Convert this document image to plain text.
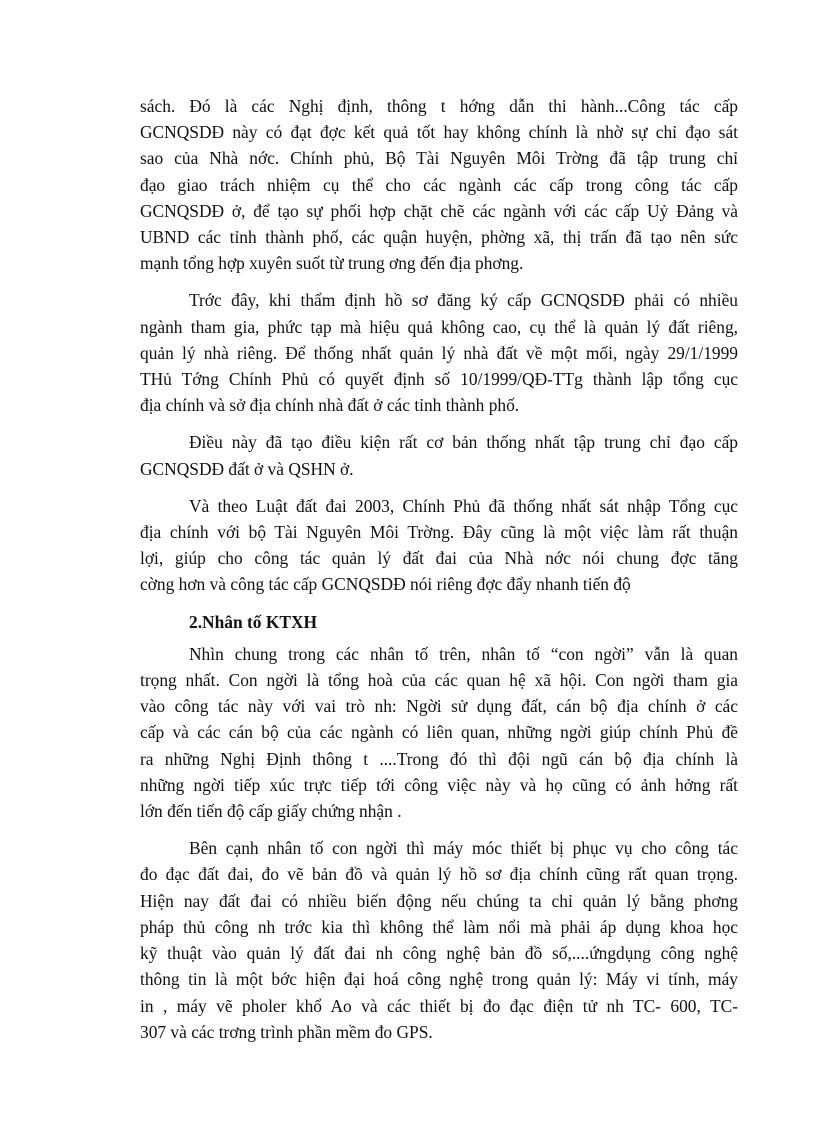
sách. Đó là các Nghị định, thông t hớng dẫn thi hành...Công tác cấp
GCNQSDĐ này có đạt đợc kết quả tốt hay không chính là nhờ sự chỉ đạo sát
sao của Nhà nớc. Chính phủ, Bộ Tài Nguyên Môi Trờng đã tập trung chỉ
đạo giao trách nhiệm cụ thể cho các ngành các cấp trong công tác cấp
GCNQSDĐ ở, để tạo sự phối hợp chặt chẽ các ngành với các cấp Uỷ Đảng và
UBND các tỉnh thành phố, các quận huyện, phờng xã, thị trấn đã tạo nên sức
mạnh tổng hợp xuyên suốt từ trung ơng đến địa phơng.
Trớc đây, khi thẩm định hồ sơ đăng ký cấp GCNQSDĐ phải có nhiều
ngành tham gia, phức tạp mà hiệu quả không cao, cụ thể là quản lý đất riêng,
quản lý nhà riêng. Để thống nhất quản lý nhà đất về một mối, ngày 29/1/1999
THủ Tớng Chính Phủ có quyết định số 10/1999/QĐ-TTg thành lập tổng cục
địa chính và sở địa chính nhà đất ở các tỉnh thành phố.
Điều này đã tạo điều kiện rất cơ bản thống nhất tập trung chỉ đạo cấp
GCNQSDĐ đất ở và QSHN ở.
Và theo Luật đất đai 2003, Chính Phủ đã thống nhất sát nhập Tổng cục
địa chính với bộ Tài Nguyên Môi Trờng. Đây cũng là một việc làm rất thuận
lợi, giúp cho công tác quản lý đất đai của Nhà nớc nói chung đợc tăng
cờng hơn và công tác cấp GCNQSDĐ nói riêng đợc đẩy nhanh tiến độ
2.Nhân tố KTXH
Nhìn chung trong các nhân tố trên, nhân tố “con ngời” vẫn là quan
trọng nhất. Con ngời là tổng hoà của các quan hệ xã hội. Con ngời tham gia
vào công tác này với vai trò nh: Ngời sử dụng đất, cán bộ địa chính ở các
cấp và các cán bộ của các ngành có liên quan, những ngời giúp chính Phủ đề
ra những Nghị Định thông t ....Trong đó thì đội ngũ cán bộ địa chính là
những ngời tiếp xúc trực tiếp tới công việc này và họ cũng có ảnh hởng rất
lớn đến tiến độ cấp giấy chứng nhận .
Bên cạnh nhân tố con ngời thì máy móc thiết bị phục vụ cho công tác
đo đạc đất đai, đo vẽ bản đồ và quản lý hồ sơ địa chính cũng rất quan trọng.
Hiện nay đất đai có nhiều biến động nếu chúng ta chỉ quản lý bằng phơng
pháp thủ công nh trớc kia thì không thể làm nổi mà phải áp dụng khoa học
kỹ thuật vào quản lý đất đai nh công nghệ bản đồ số,....ứngdụng công nghệ
thông tin là một bớc hiện đại hoá công nghệ trong quản lý: Máy vi tính, máy
in , máy vẽ pholer khổ Ao và các thiết bị đo đạc điện tử nh TC- 600, TC-
307 và các trơng trình phần mềm đo GPS.
